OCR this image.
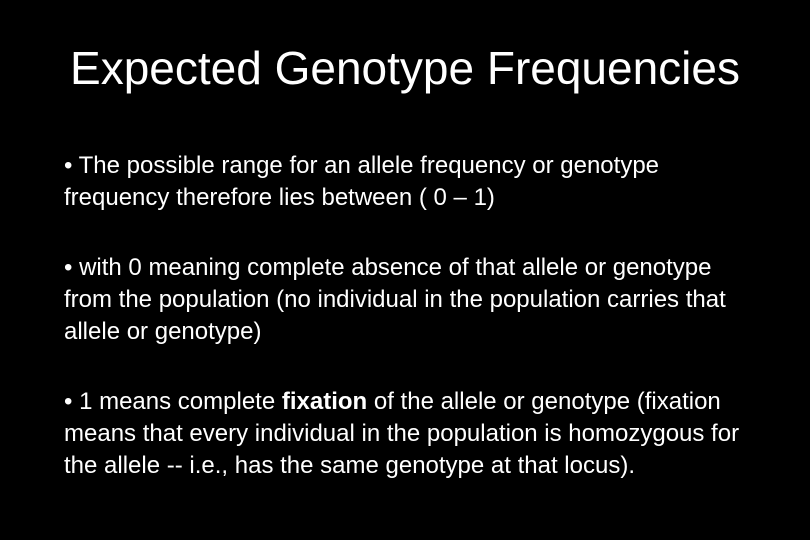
Expected Genotype Frequencies

• The possible range for an allele frequency or genotype frequency therefore lies between ( 0 – 1)

• with 0 meaning complete absence of that allele or genotype from the population (no individual in the population carries that allele or genotype)

• 1 means complete fixation of the allele or genotype (fixation means that every individual in the population is homozygous for the allele -- i.e., has the same genotype at that locus).
